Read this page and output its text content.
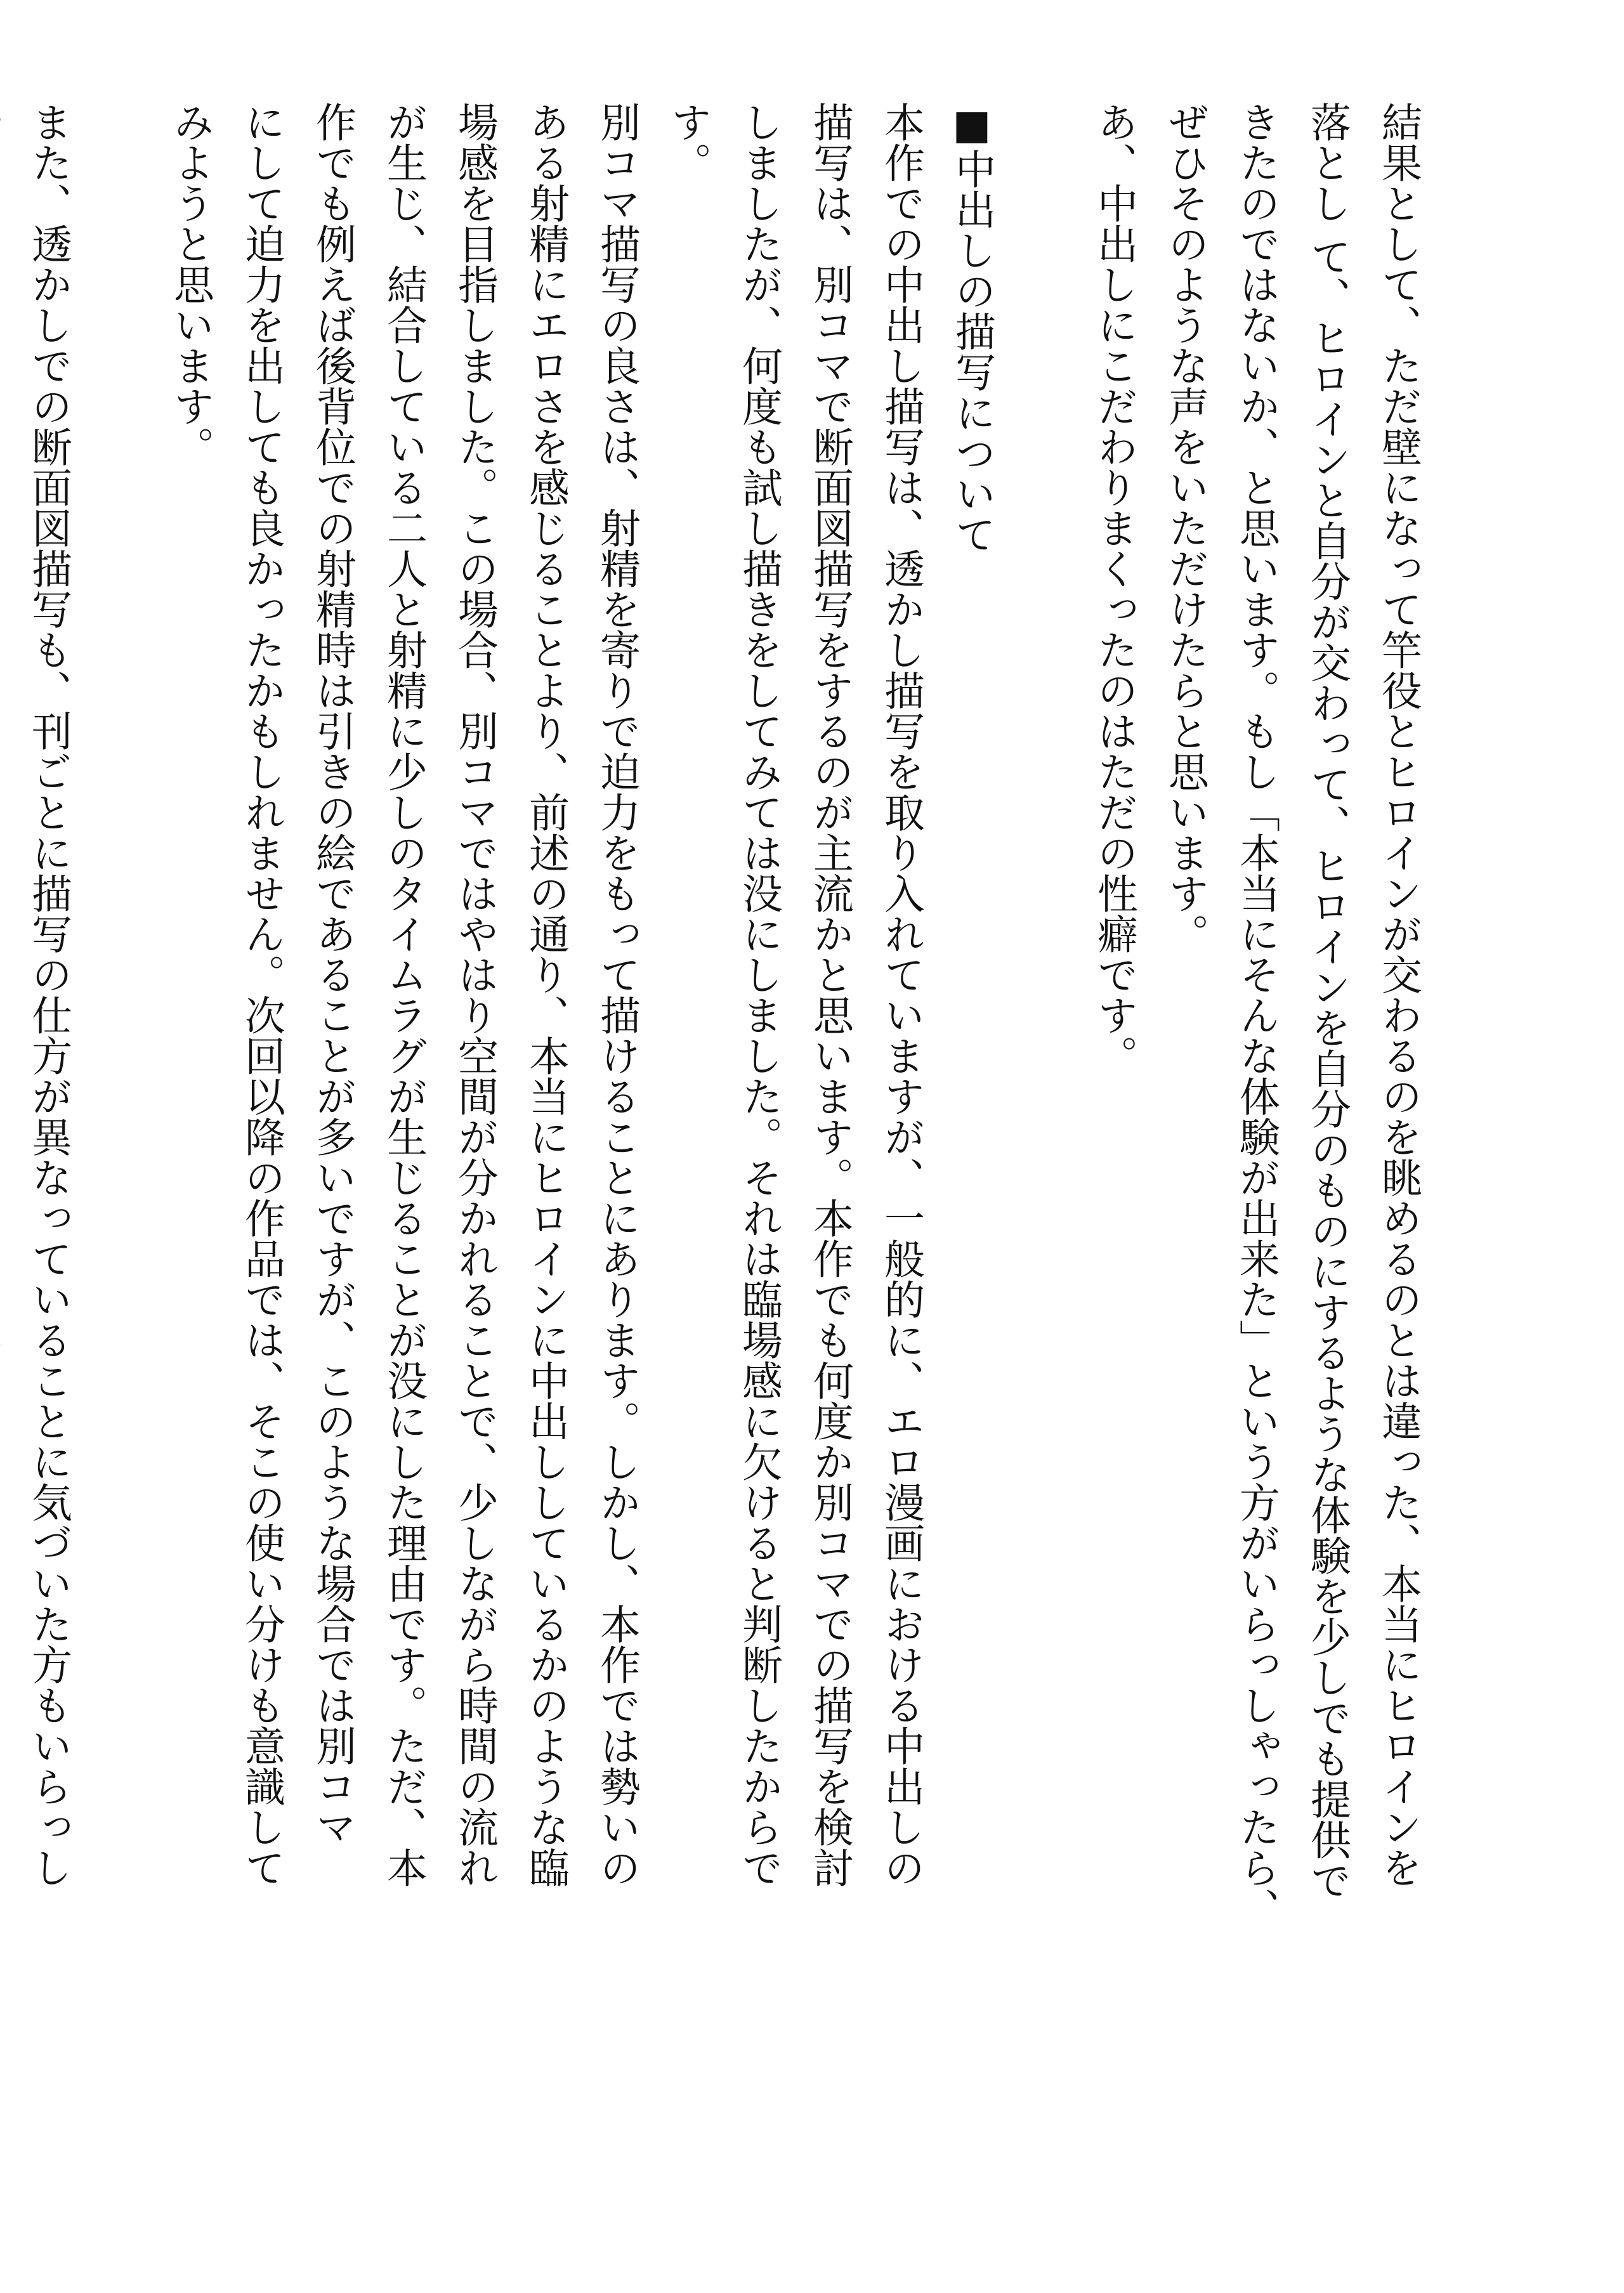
結果として、ただ壁になって竿役とヒロインが交わるのを眺めるのとは違った、本当にヒロインを
落とし て、ヒロインと自分が交わって、ヒロインを自分のものにするような体験を少しでも提供で
きたのではないか、と思います。もし「本当にそんな体験が出来た」という方がいらっしゃったら、
ぜひそのような声をいただけたらと思います。
あ、中出しにこだわりまくったのはただの性癖です。
■中出しの描写について
本作での中出し描写は、透かし描写を取り入れていますが、一般的に、エロ漫画における中出しの
描写は、別コマで断面図描写をするのが主流かと思います。本作でも何度か別コマでの描写を検討
しましたが、何度も試し描きをしてみては没にしました。それは臨場感に欠けると判断したからで
す。
別コマ描写の良さは、射精を寄りで迫力をもって描けることにあります。しかし、本作では勢いの
ある射精にエロさを感じることより、前述の通り、本当にヒロインに中出ししているかのような臨
場感を目指しました。この場合、別コマではやはり空間が分かれることで、少しながら時間の流れ
が生じ、結合している二人と射精に少しのタイムラグが生じることが没にした理由です。ただ、本
作でも例えば後背位での射精時は引きの絵であることが多いですが、このような場合では別コマ
にして迫力を出しても良かったかもしれません。次回以降の作品では、そこの使い分けも意識して
みようと思います。
また、透かしでの断面図描写も、刊ごとに描写の仕方が異なっていることに気づいた方もいらっし
